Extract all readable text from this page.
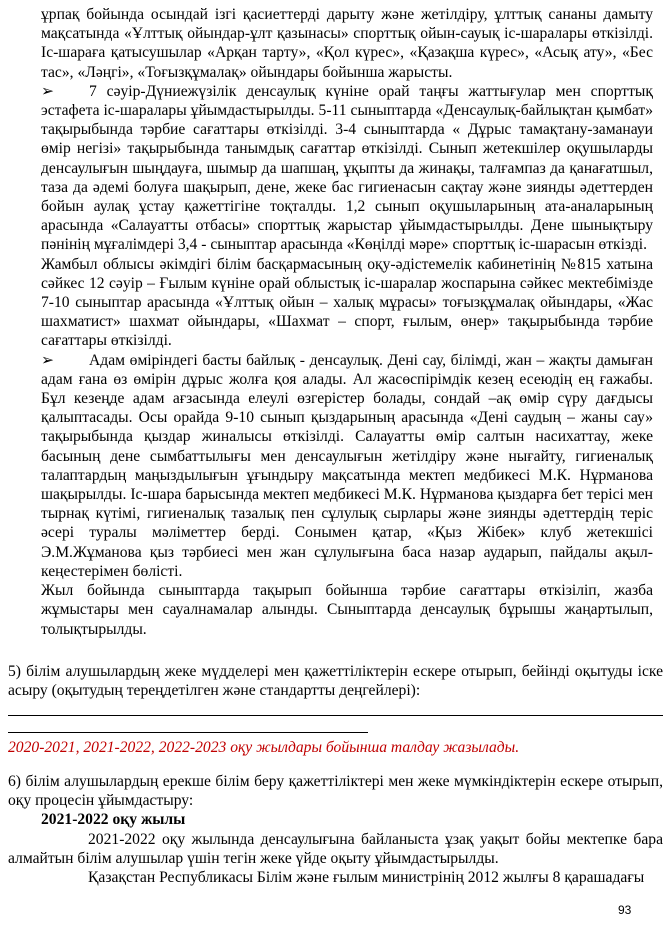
ұрпақ бойында осындай ізгі қасиеттерді дарыту және жетілдіру, ұлттық сананы дамыту мақсатында «Ұлттық ойындар-ұлт қазынасы» спорттық ойын-сауық іс-шаралары өткізілді. Іс-шараға қатысушылар «Арқан тарту», «Қол күрес», «Қазақша күрес», «Асық ату», «Бес тас», «Ләңгі», «Тоғызқұмалақ» ойындары бойынша жарысты.

➢ 7 сәуір-Дүниежүзілік денсаулық күніне орай таңғы жаттығулар мен спорттық эстафета іс-шаралары ұйымдастырылды. 5-11 сыныптарда «Денсаулық-байлықтан қымбат» тақырыбында тәрбие сағаттары өткізілді. 3-4 сыныптарда « Дұрыс тамақтану-заманауи өмір негізі» тақырыбында танымдық сағаттар өткізілді. Сынып жетекшілер оқушыларды денсаулығын шыңдауға, шымыр да шапшаң, ұқыпты да жинақы, талғампаз да қанағатшыл, таза да әдемі болуға шақырып, дене, жеке бас гигиенасын сақтау және зиянды әдеттерден бойын аулақ ұстау қажеттігіне тоқталды. 1,2 сынып оқушыларының ата-аналарының арасында «Салауатты отбасы» спорттық жарыстар ұйымдастырылды. Дене шынықтыру пәнінің мұғалімдері 3,4 - сыныптар арасында «Көңілді мәре» спорттық іс-шарасын өткізді.

Жамбыл облысы әкімдігі білім басқармасының оқу-әдістемелік кабинетінің №815 хатына сәйкес 12 сәуір – Ғылым күніне орай облыстық іс-шаралар жоспарына сәйкес мектебімізде 7-10 сыныптар арасында «Ұлттық ойын – халық мұрасы» тоғызқұмалақ ойындары, «Жас шахматист» шахмат ойындары, «Шахмат – спорт, ғылым, өнер» тақырыбында тәрбие сағаттары өткізілді.

➢ Адам өміріндегі басты байлық - денсаулық. Дені сау, білімді, жан – жақты дамыған адам ғана өз өмірін дұрыс жолға қоя алады. Ал жасөспірімдік кезең есеюдің ең ғажабы. Бұл кезеңде адам ағзасында елеулі өзгерістер болады, сондай –ақ өмір сүру дағдысы қалыптасады. Осы орайда 9-10 сынып қыздарының арасында «Дені саудың – жаны сау» тақырыбында қыздар жиналысы өткізілді. Салауатты өмір салтын насихаттау, жеке басының дене сымбаттылығы мен денсаулығын жетілдіру және нығайту, гигиеналық талаптардың маңыздылығын ұғындыру мақсатында мектеп медбикесі М.К. Нұрманова шақырылды. Іс-шара барысында мектеп медбикесі М.К. Нұрманова қыздарға бет терісі мен тырнақ күтімі, гигиеналық тазалық пен сұлулық сырлары және зиянды әдеттердің теріс әсері туралы мәліметтер берді. Сонымен қатар, «Қыз Жібек» клуб жетекшісі Э.М.Жұманова қыз тәрбиесі мен жан сұлулығына баса назар аударып, пайдалы ақыл-кеңестерімен бөлісті.

Жыл бойында сыныптарда тақырып бойынша тәрбие сағаттары өткізіліп, жазба жұмыстары мен сауалнамалар алынды. Сыныптарда денсаулық бұрышы жаңартылып, толықтырылды.

5) білім алушылардың жеке мүдделері мен қажеттіліктерін ескере отырып, бейінді оқытуды іске асыру (оқытудың тереңдетілген және стандартты деңгейлері):

2020-2021, 2021-2022, 2022-2023 оқу жылдары бойынша талдау жазылады.

6) білім алушылардың ерекше білім беру қажеттіліктері мен жеке мүмкіндіктерін ескере отырып, оқу процесін ұйымдастыру:

2021-2022 оқу жылы

2021-2022 оқу жылында денсаулығына байланыста ұзақ уақыт бойы мектепке бара алмайтын білім алушылар үшін тегін жеке үйде оқыту ұйымдастырылды.

Қазақстан Республикасы Білім және ғылым министрінің 2012 жылғы 8 қарашадағы

93
